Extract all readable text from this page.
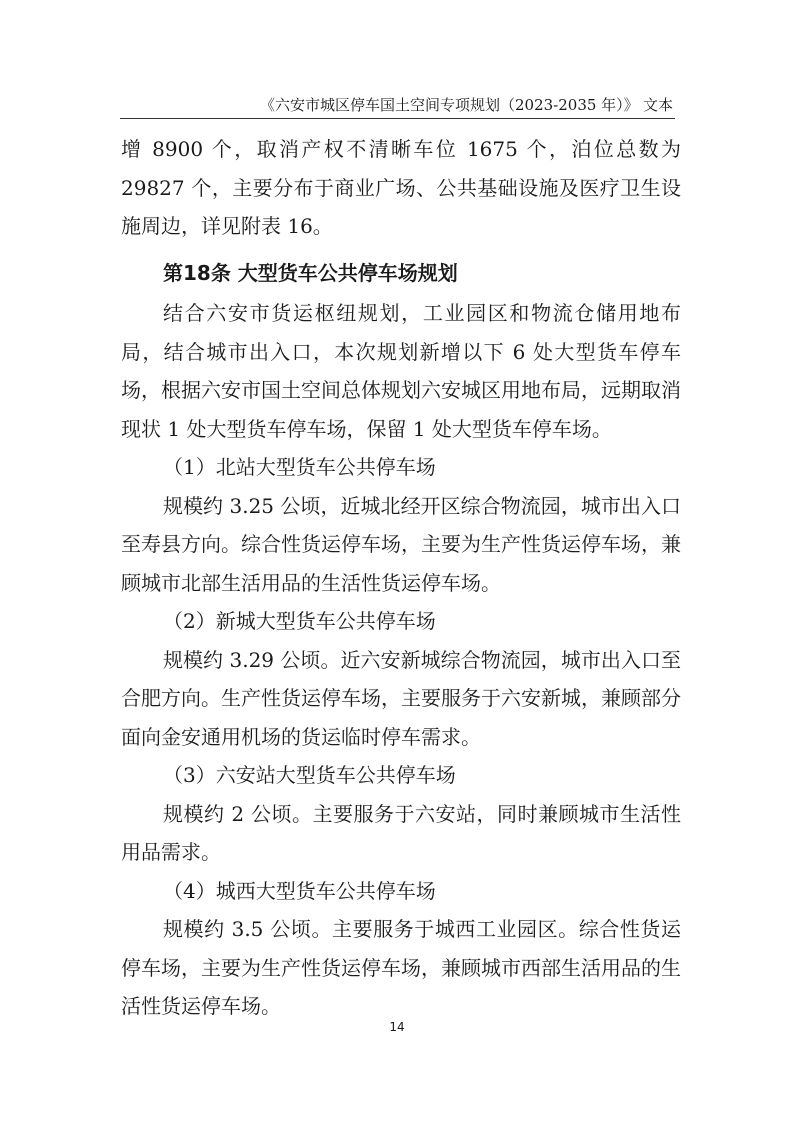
《六安市城区停车国土空间专项规划（2023-2035 年）》 文本

增 8900 个，取消产权不清晰车位 1675 个，泊位总数为 29827 个，主要分布于商业广场、公共基础设施及医疗卫生设施周边，详见附表 16。

第18条 大型货车公共停车场规划

结合六安市货运枢纽规划，工业园区和物流仓储用地布局，结合城市出入口，本次规划新增以下 6 处大型货车停车场，根据六安市国土空间总体规划六安城区用地布局，远期取消现状 1 处大型货车停车场，保留 1 处大型货车停车场。

（1）北站大型货车公共停车场

规模约 3.25 公顷，近城北经开区综合物流园，城市出入口至寿县方向。综合性货运停车场，主要为生产性货运停车场，兼顾城市北部生活用品的生活性货运停车场。

（2）新城大型货车公共停车场

规模约 3.29 公顷。近六安新城综合物流园，城市出入口至合肥方向。生产性货运停车场，主要服务于六安新城，兼顾部分面向金安通用机场的货运临时停车需求。

（3）六安站大型货车公共停车场

规模约 2 公顷。主要服务于六安站，同时兼顾城市生活性用品需求。

（4）城西大型货车公共停车场

规模约 3.5 公顷。主要服务于城西工业园区。综合性货运停车场，主要为生产性货运停车场，兼顾城市西部生活用品的生活性货运停车场。

14
